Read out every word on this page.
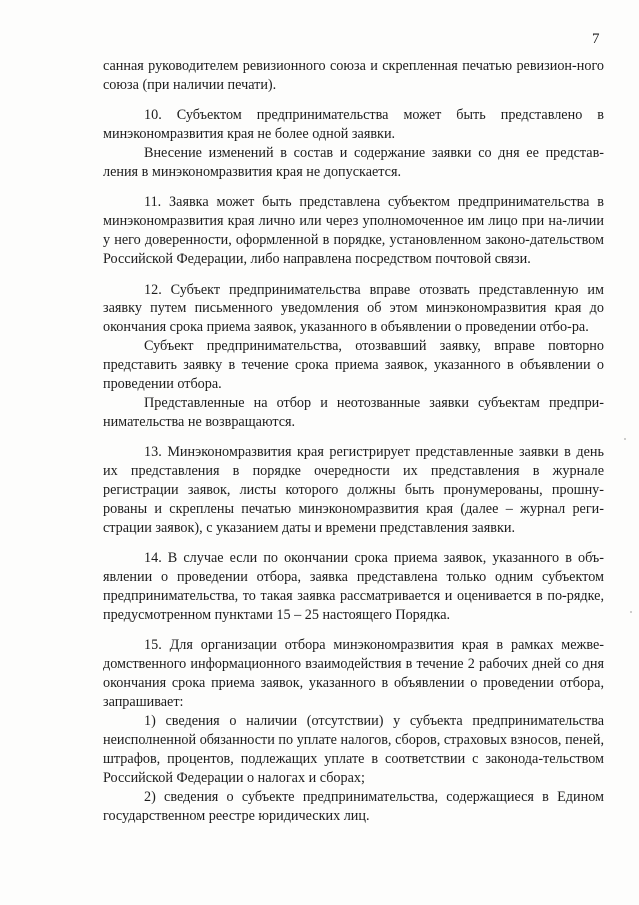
7

санная руководителем ревизионного союза и скрепленная печатью ревизион-ного союза (при наличии печати).

10. Субъектом предпринимательства может быть представлено в минэкономразвития края не более одной заявки.

Внесение изменений в состав и содержание заявки со дня ее представ-ления в минэкономразвития края не допускается.

11. Заявка может быть представлена субъектом предпринимательства в минэкономразвития края лично или через уполномоченное им лицо при на-личии у него доверенности, оформленной в порядке, установленном законо-дательством Российской Федерации, либо направлена посредством почтовой связи.

12. Субъект предпринимательства вправе отозвать представленную им заявку путем письменного уведомления об этом минэкономразвития края до окончания срока приема заявок, указанного в объявлении о проведении отбо-ра.

Субъект предпринимательства, отозвавший заявку, вправе повторно представить заявку в течение срока приема заявок, указанного в объявлении о проведении отбора.

Представленные на отбор и неотозванные заявки субъектам предпри-нимательства не возвращаются.

13. Минэкономразвития края регистрирует представленные заявки в день их представления в порядке очередности их представления в журнале регистрации заявок, листы которого должны быть пронумерованы, прошну-рованы и скреплены печатью минэкономразвития края (далее – журнал реги-страции заявок), с указанием даты и времени представления заявки.

14. В случае если по окончании срока приема заявок, указанного в объ-явлении о проведении отбора, заявка представлена только одним субъектом предпринимательства, то такая заявка рассматривается и оценивается в по-рядке, предусмотренном пунктами 15 – 25 настоящего Порядка.

15. Для организации отбора минэкономразвития края в рамках межве-домственного информационного взаимодействия в течение 2 рабочих дней со дня окончания срока приема заявок, указанного в объявлении о проведении отбора, запрашивает:

1) сведения о наличии (отсутствии) у субъекта предпринимательства неисполненной обязанности по уплате налогов, сборов, страховых взносов, пеней, штрафов, процентов, подлежащих уплате в соответствии с законода-тельством Российской Федерации о налогах и сборах;

2) сведения о субъекте предпринимательства, содержащиеся в Едином государственном реестре юридических лиц.
